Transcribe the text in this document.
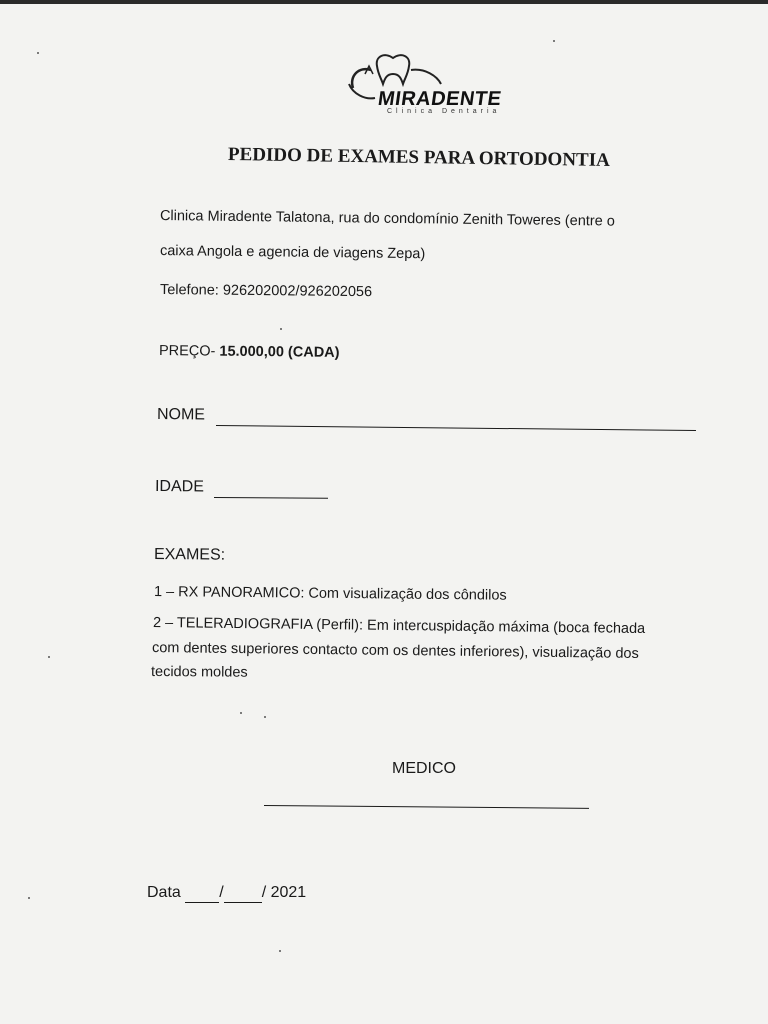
MIRADENTE
Clinica Dentaria
PEDIDO DE EXAMES PARA ORTODONTIA
Clinica Miradente Talatona, rua do condomínio Zenith Toweres (entre o
caixa Angola e agencia de viagens Zepa)
Telefone: 926202002/926202056
PREÇO- 15.000,00 (CADA)
NOME
IDADE
EXAMES:
1 – RX PANORAMICO: Com visualização dos côndilos
2 – TELERADIOGRAFIA (Perfil): Em intercuspidação máxima (boca fechada
com dentes superiores contacto com os dentes inferiores), visualização dos
tecidos moldes
MEDICO
Data / / 2021
